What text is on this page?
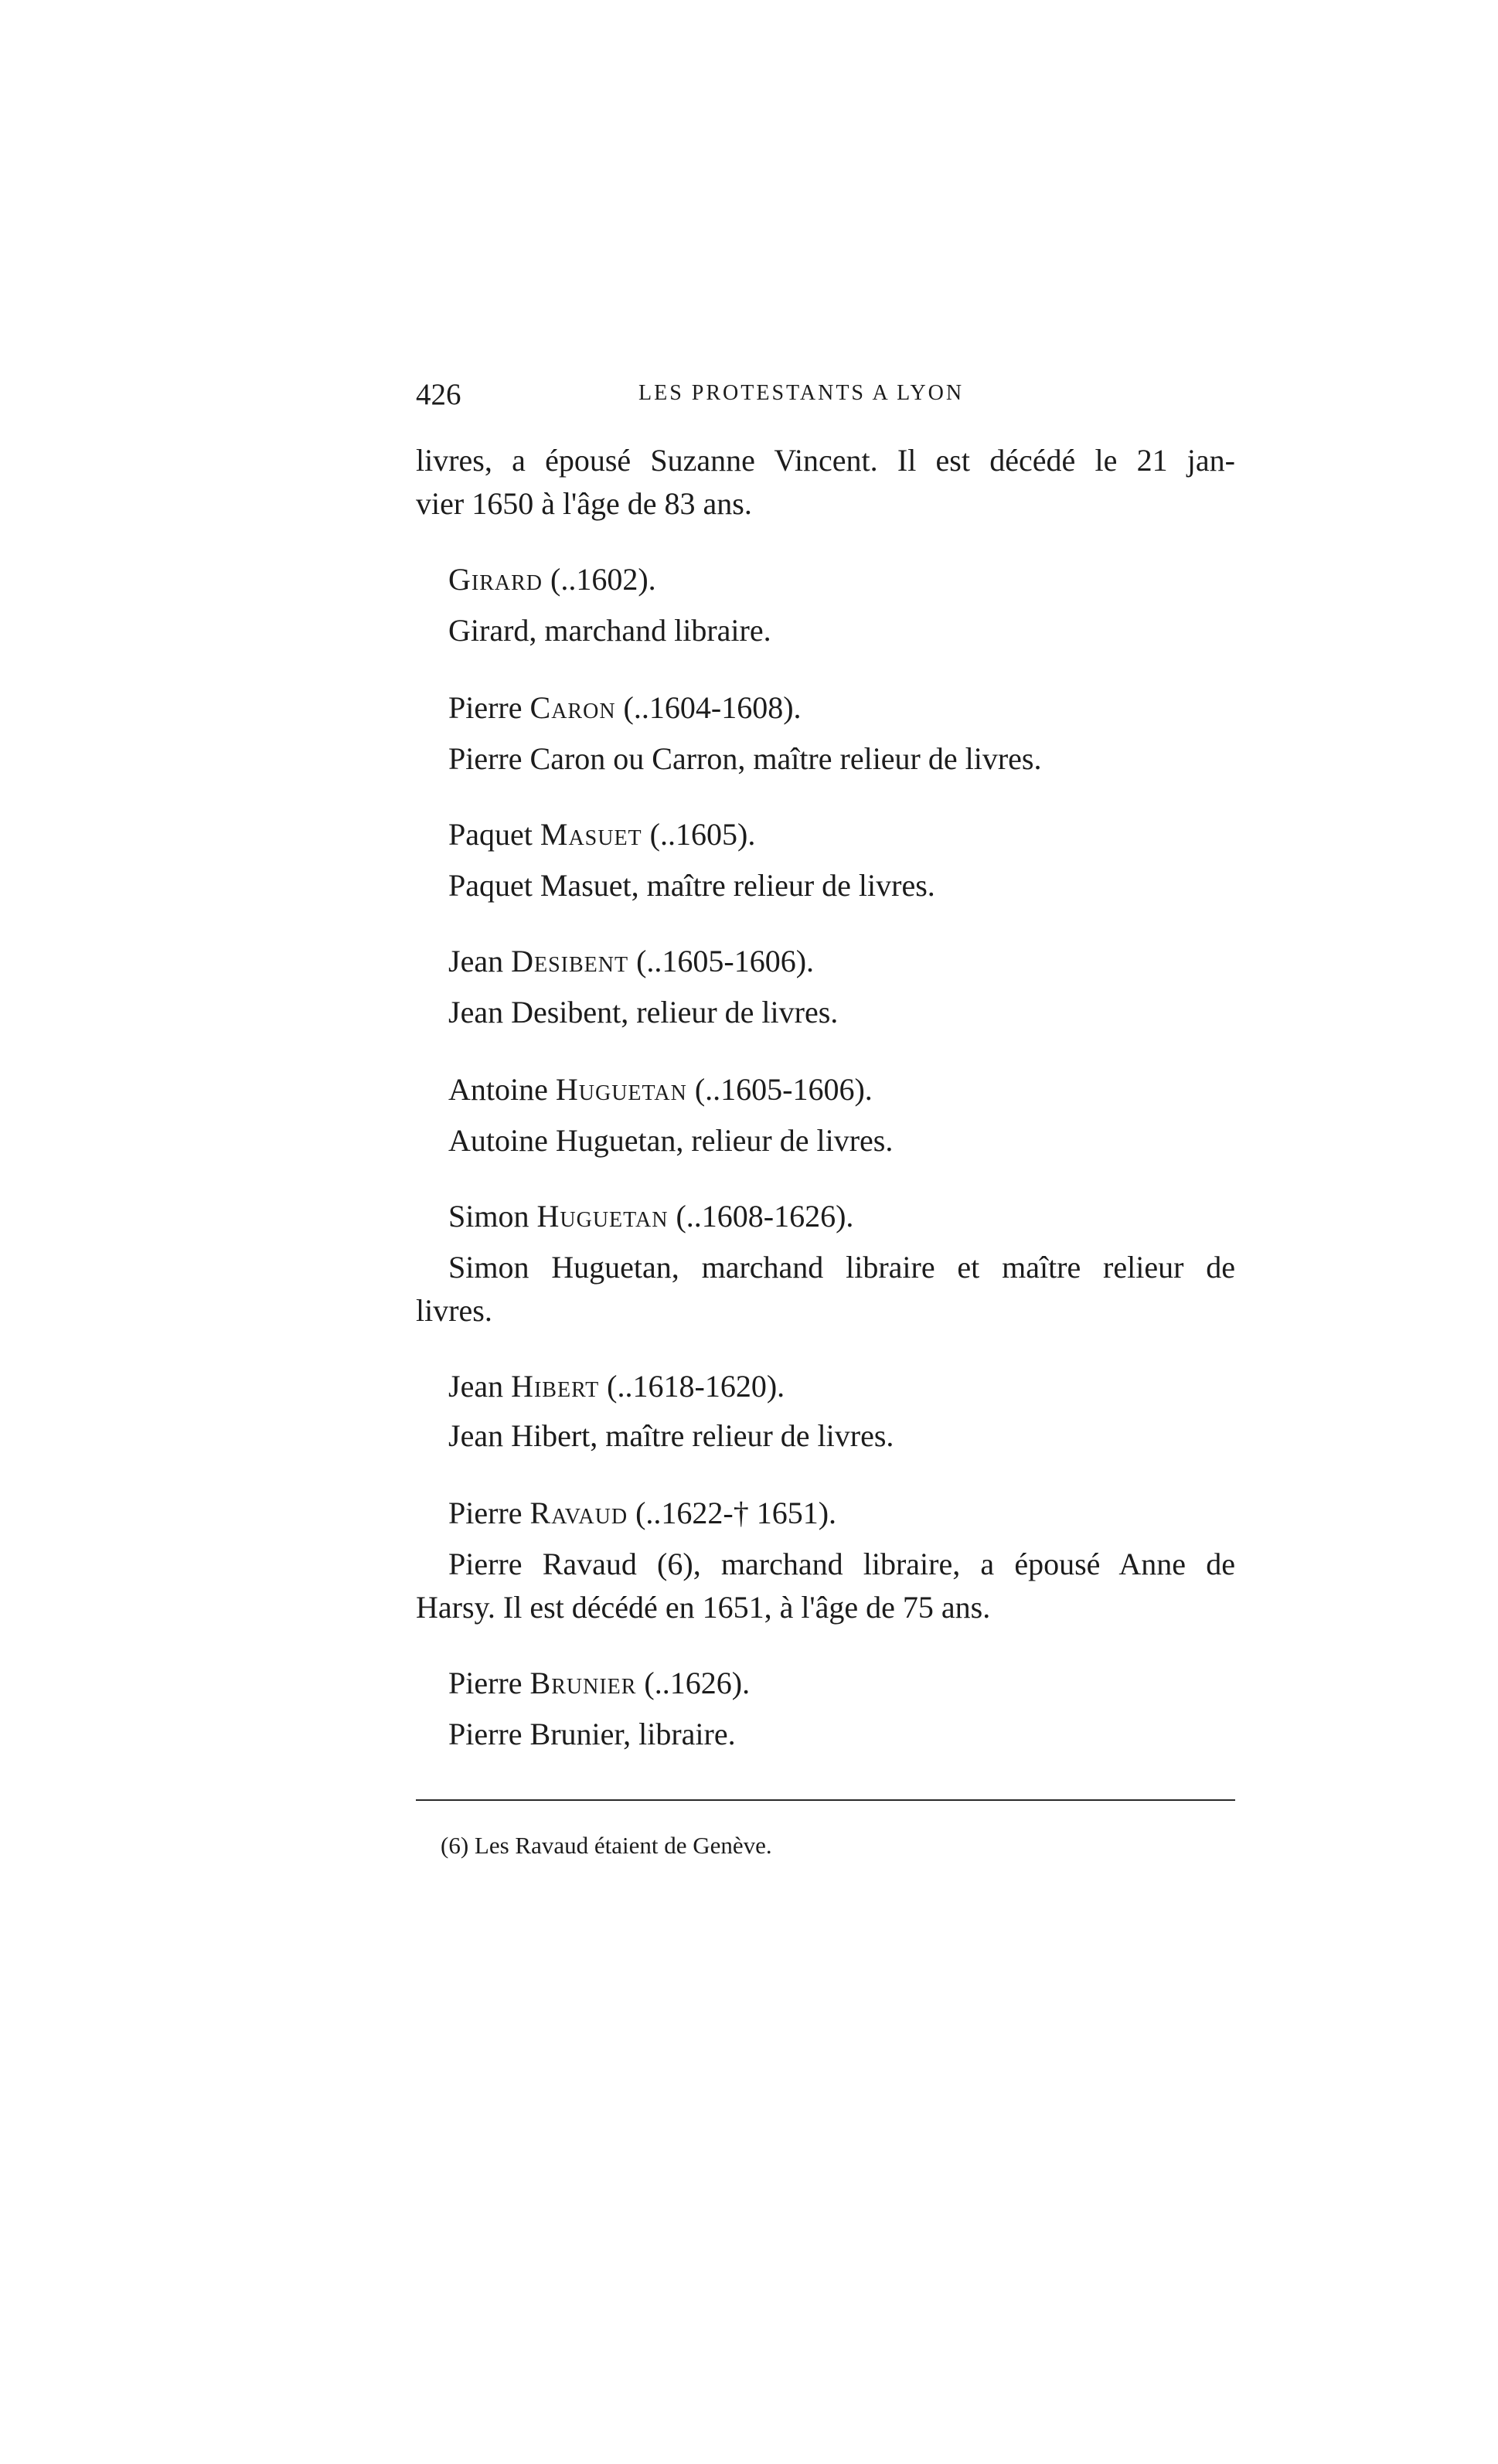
426	LES PROTESTANTS A LYON
livres, a épousé Suzanne Vincent. Il est décédé le 21 jan-
vier 1650 à l'âge de 83 ans.
Girard (..1602).
Girard, marchand libraire.
Pierre Caron (..1604-1608).
Pierre Caron ou Carron, maître relieur de livres.
Paquet Masuet (..1605).
Paquet Masuet, maître relieur de livres.
Jean Desibent (..1605-1606).
Jean Desibent, relieur de livres.
Antoine Huguetan (..1605-1606).
Autoine Huguetan, relieur de livres.
Simon Huguetan (..1608-1626).
Simon Huguetan, marchand libraire et maître relieur de
livres.
Jean Hibert (..1618-1620).
Jean Hibert, maître relieur de livres.
Pierre Ravaud (..1622-† 1651).
Pierre Ravaud (6), marchand libraire, a épousé Anne de
Harsy. Il est décédé en 1651, à l'âge de 75 ans.
Pierre Brunier (..1626).
Pierre Brunier, libraire.
(6) Les Ravaud étaient de Genève.
